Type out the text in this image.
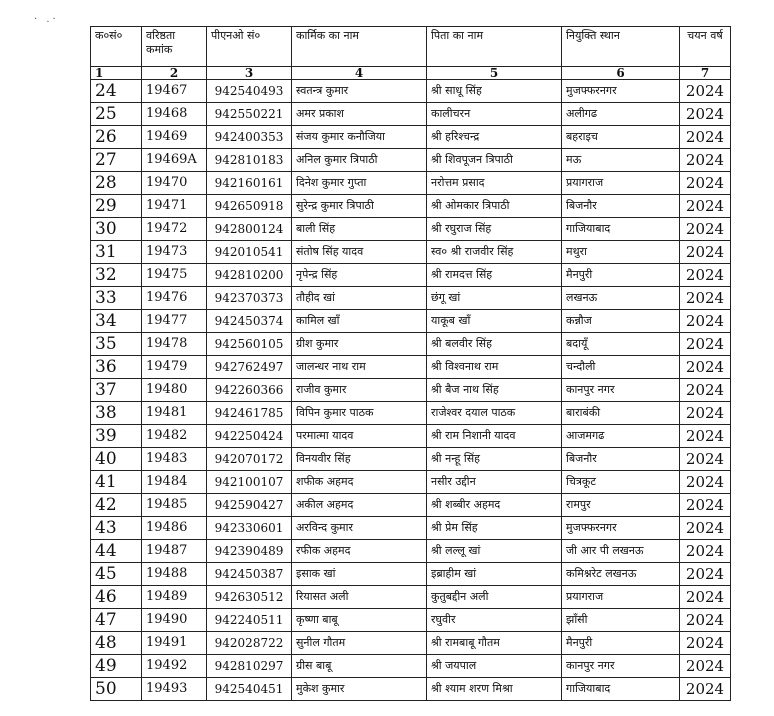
· .·
क०सं०	वरिष्ठता कमांक	पीएनओ सं०	कार्मिक का नाम	पिता का नाम	नियुक्ति स्थान	चयन वर्ष
1	2	3	4	5	6	7
24	19467	942540493	स्वतन्त्र कुमार	श्री साधू सिंह	मुजफ्फरनगर	2024
25	19468	942550221	अमर प्रकाश	कालीचरन	अलीगढ	2024
26	19469	942400353	संजय कुमार कनौजिया	श्री हरिश्चन्द्र	बहराइच	2024
27	19469A	942810183	अनिल कुमार त्रिपाठी	श्री शिवपूजन त्रिपाठी	मऊ	2024
28	19470	942160161	दिनेश कुमार गुप्ता	नरोत्तम प्रसाद	प्रयागराज	2024
29	19471	942650918	सुरेन्द्र कुमार त्रिपाठी	श्री ओमकार त्रिपाठी	बिजनौर	2024
30	19472	942800124	बाली सिंह	श्री रघुराज सिंह	गाजियाबाद	2024
31	19473	942010541	संतोष सिंह यादव	स्व० श्री राजवीर सिंह	मथुरा	2024
32	19475	942810200	नृपेन्द्र सिंह	श्री रामदत्त सिंह	मैनपुरी	2024
33	19476	942370373	तौहीद खां	छंगू खां	लखनऊ	2024
34	19477	942450374	कामिल खाँ	याकूब खाँ	कन्नौज	2024
35	19478	942560105	ग्रीश कुमार	श्री बलवीर सिंह	बदायूँ	2024
36	19479	942762497	जालन्धर नाथ राम	श्री विश्वनाथ राम	चन्दौली	2024
37	19480	942260366	राजीव कुमार	श्री बैज नाथ सिंह	कानपुर नगर	2024
38	19481	942461785	विपिन कुमार पाठक	राजेश्वर दयाल पाठक	बाराबंकी	2024
39	19482	942250424	परमात्मा यादव	श्री राम निशानी यादव	आजमगढ	2024
40	19483	942070172	विनयवीर सिंह	श्री नन्हू सिंह	बिजनौर	2024
41	19484	942100107	शफीक अहमद	नसीर उद्दीन	चित्रकूट	2024
42	19485	942590427	अकील अहमद	श्री शब्बीर अहमद	रामपुर	2024
43	19486	942330601	अरविन्द कुमार	श्री प्रेम सिंह	मुजफ्फरनगर	2024
44	19487	942390489	रफीक अहमद	श्री लल्लू खां	जी आर पी लखनऊ	2024
45	19488	942450387	इसाक खां	इब्राहीम खां	कमिश्नरेट लखनऊ	2024
46	19489	942630512	रियासत अली	कुतुबद्दीन अली	प्रयागराज	2024
47	19490	942240511	कृष्णा बाबू	रघुवीर	झाँसी	2024
48	19491	942028722	सुनील गौतम	श्री रामबाबू गौतम	मैनपुरी	2024
49	19492	942810297	ग्रीस बाबू	श्री जयपाल	कानपुर नगर	2024
50	19493	942540451	मुकेश कुमार	श्री श्याम शरण मिश्रा	गाजियाबाद	2024
